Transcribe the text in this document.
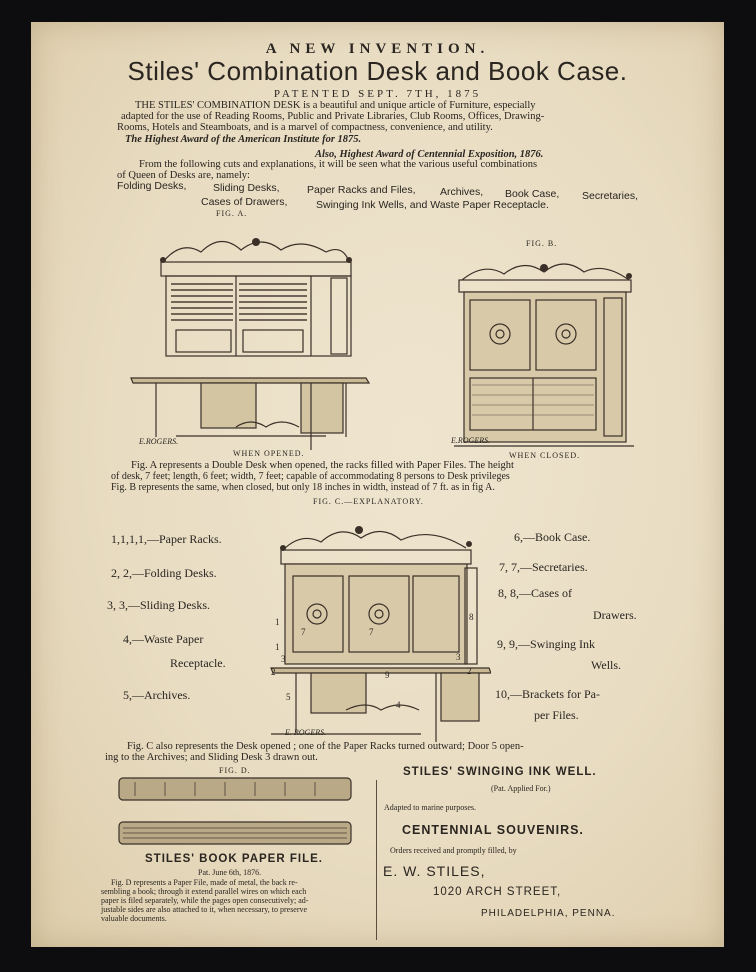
A NEW INVENTION.
Stiles' Combination Desk and Book Case.
PATENTED SEPT. 7TH, 1875
THE STILES' COMBINATION DESK is a beautiful and unique article of Furniture, especially
adapted for the use of Reading Rooms, Public and Private Libraries, Club Rooms, Offices, Drawing-
Rooms, Hotels and Steamboats, and is a marvel of compactness, convenience, and utility.
The Highest Award of the American Institute for 1875.
Also, Highest Award of Centennial Exposition, 1876.
From the following cuts and explanations, it will be seen what the various useful combinations
of Queen of Desks are, namely:
Folding Desks,	Sliding Desks,
Cases of Drawers,
Paper Racks and Files,
Swinging Ink Wells, and Waste Paper Receptacle.
Archives, Book Case, Secretaries,
FIG. A.
FIG. B.
E.ROGERS.	E.ROGERS.
WHEN OPENED.	WHEN CLOSED.
Fig. A represents a Double Desk when opened, the racks filled with Paper Files. The height
of desk, 7 feet; length, 6 feet; width, 7 feet; capable of accommodating 8 persons to Desk privileges
Fig. B represents the same, when closed, but only 18 inches in width, instead of 7 ft. as in fig A.
FIG. C.—EXPLANATORY.
1,1,1,1,—Paper Racks.
2, 2,—Folding Desks.
3, 3,—Sliding Desks.
4,—Waste Paper
Receptacle.
5,—Archives.
1
1
3
2	2
3
7
7
9
5
4
8
E. ROGERS.
6,—Book Case.
7, 7,—Secretaries.
8, 8,—Cases of
Drawers.
9, 9,—Swinging Ink
Wells.
10,—Brackets for Pa-
per Files.
Fig. C also represents the Desk opened ; one of the Paper Racks turned outward; Door 5 open-
ing to the Archives; and Sliding Desk 3 drawn out.
FIG. D.
STILES' BOOK PAPER FILE.
Pat. June 6th, 1876.
Fig. D represents a Paper File, made of metal, the back re-
sembling a book; through it extend parallel wires on which each
paper is filed separately, while the pages open consecutively; ad-
justable sides are also attached to it, when necessary, to preserve
valuable documents.
STILES' SWINGING INK WELL.
(Pat. Applied For.)
Adapted to marine purposes.
CENTENNIAL SOUVENIRS.
Orders received and promptly filled, by
E. W. STILES,
1020 ARCH STREET,
PHILADELPHIA, PENNA.
